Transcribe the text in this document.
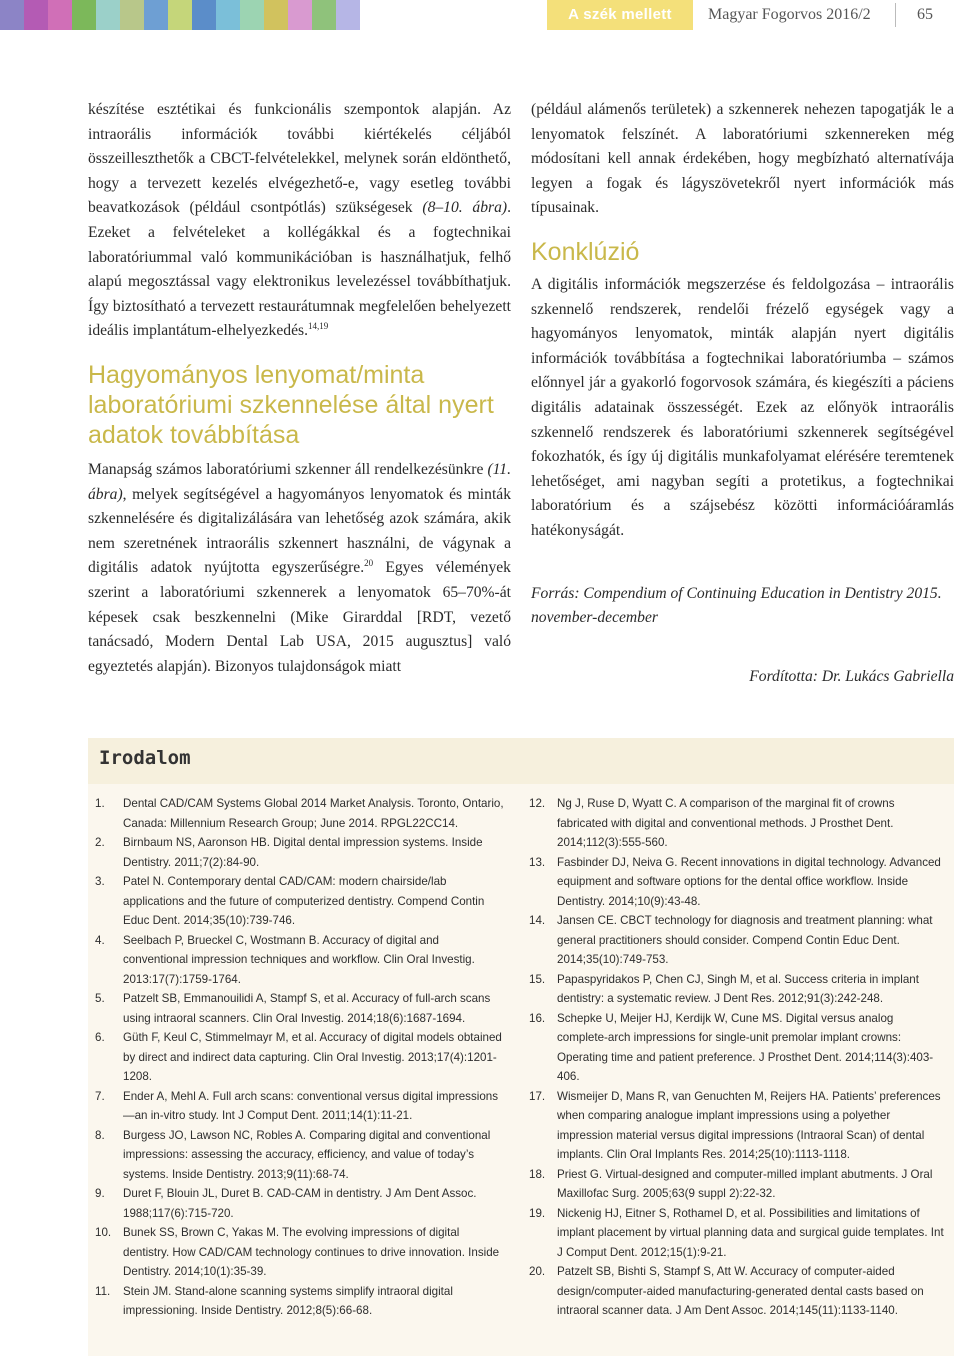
A szék mellett	Magyar Fogorvos 2016/2	65

készítése esztétikai és funkcionális szempontok alapján. Az intraorális információk további kiértékelés céljából összeilleszthetők a CBCT-felvételekkel, melynek során eldönthető, hogy a tervezett kezelés elvégezhető-e, vagy esetleg további beavatkozások (például csontpótlás) szükségesek (8–10. ábra). Ezeket a felvételeket a kollégákkal és a fogtechnikai laboratóriummal való kommunikációban is használhatjuk, felhő alapú megosztással vagy elektronikus levelezéssel továbbíthatjuk. Így biztosítható a tervezett restaurátumnak megfelelően behelyezett ideális implantátum-elhelyezkedés.$^{14,19}$

Hagyományos lenyomat/minta laboratóriumi szkennelése által nyert adatok továbbítása

Manapság számos laboratóriumi szkenner áll rendelkezésünkre (11. ábra), melyek segítségével a hagyományos lenyomatok és minták szkennelésére és digitalizálására van lehetőség azok számára, akik nem szeretnének intraorális szkennert használni, de vágynak a digitális adatok nyújtotta egyszerűségre.$^{20}$ Egyes vélemények szerint a laboratóriumi szkennerek a lenyomatok 65–70%-át képesek csak beszkennelni (Mike Girarddal [RDT, vezető tanácsadó, Modern Dental Lab USA, 2015 augusztus] való egyeztetés alapján). Bizonyos tulajdonságok miatt

(például alámenős területek) a szkennerek nehezen tapogatják le a lenyomatok felszínét. A laboratóriumi szkennereken még módosítani kell annak érdekében, hogy megbízható alternatívája legyen a fogak és lágyszövetekről nyert információk más típusainak.

Konklúzió

A digitális információk megszerzése és feldolgozása – intraorális szkennelő rendszerek, rendelői frézelő egységek vagy a hagyományos lenyomatok, minták alapján nyert digitális információk továbbítása a fogtechnikai laboratóriumba – számos előnnyel jár a gyakorló fogorvosok számára, és kiegészíti a páciens digitális adatainak összességét. Ezek az előnyök intraorális szkennelő rendszerek és laboratóriumi szkennerek segítségével fokozhatók, és így új digitális munkafolyamat elérésére teremtenek lehetőséget, ami nagyban segíti a protetikus, a fogtechnikai laboratórium és a szájsebész közötti információáramlás hatékonyságát.

Forrás: Compendium of Continuing Education in Dentistry 2015. november-december

Fordította: Dr. Lukács Gabriella

Irodalom
1.	Dental CAD/CAM Systems Global 2014 Market Analysis. Toronto, Ontario, Canada: Millennium Research Group; June 2014. RPGL22CC14.
2.	Birnbaum NS, Aaronson HB. Digital dental impression systems. Inside Dentistry. 2011;7(2):84-90.
3.	Patel N. Contemporary dental CAD/CAM: modern chairside/lab applications and the future of computerized dentistry. Compend Contin Educ Dent. 2014;35(10):739-746.
4.	Seelbach P, Brueckel C, Wostmann B. Accuracy of digital and conventional impression techniques and workflow. Clin Oral Investig. 2013:17(7):1759-1764.
5.	Patzelt SB, Emmanouilidi A, Stampf S, et al. Accuracy of full-arch scans using intraoral scanners. Clin Oral Investig. 2014;18(6):1687-1694.
6.	Güth F, Keul C, Stimmelmayr M, et al. Accuracy of digital models obtained by direct and indirect data capturing. Clin Oral Investig. 2013;17(4):1201-1208.
7.	Ender A, Mehl A. Full arch scans: conventional versus digital impressions—an in-vitro study. Int J Comput Dent. 2011;14(1):11-21.
8.	Burgess JO, Lawson NC, Robles A. Comparing digital and conventional impressions: assessing the accuracy, efficiency, and value of today’s systems. Inside Dentistry. 2013;9(11):68-74.
9.	Duret F, Blouin JL, Duret B. CAD-CAM in dentistry. J Am Dent Assoc. 1988;117(6):715-720.
10.	Bunek SS, Brown C, Yakas M. The evolving impressions of digital dentistry. How CAD/CAM technology continues to drive innovation. Inside Dentistry. 2014;10(1):35-39.
11.	Stein JM. Stand-alone scanning systems simplify intraoral digital impressioning. Inside Dentistry. 2012;8(5):66-68.
12.	Ng J, Ruse D, Wyatt C. A comparison of the marginal fit of crowns fabricated with digital and conventional methods. J Prosthet Dent. 2014;112(3):555-560.
13.	Fasbinder DJ, Neiva G. Recent innovations in digital technology. Advanced equipment and software options for the dental office workflow. Inside Dentistry. 2014;10(9):43-48.
14.	Jansen CE. CBCT technology for diagnosis and treatment planning: what general practitioners should consider. Compend Contin Educ Dent. 2014;35(10):749-753.
15.	Papaspyridakos P, Chen CJ, Singh M, et al. Success criteria in implant dentistry: a systematic review. J Dent Res. 2012;91(3):242-248.
16.	Schepke U, Meijer HJ, Kerdijk W, Cune MS. Digital versus analog complete-arch impressions for single-unit premolar implant crowns: Operating time and patient preference. J Prosthet Dent. 2014;114(3):403-406.
17.	Wismeijer D, Mans R, van Genuchten M, Reijers HA. Patients’ preferences when comparing analogue implant impressions using a polyether impression material versus digital impressions (Intraoral Scan) of dental implants. Clin Oral Implants Res. 2014;25(10):1113-1118.
18.	Priest G. Virtual-designed and computer-milled implant abutments. J Oral Maxillofac Surg. 2005;63(9 suppl 2):22-32.
19.	Nickenig HJ, Eitner S, Rothamel D, et al. Possibilities and limitations of implant placement by virtual planning data and surgical guide templates. Int J Comput Dent. 2012;15(1):9-21.
20.	Patzelt SB, Bishti S, Stampf S, Att W. Accuracy of computer-aided design/computer-aided manufacturing-generated dental casts based on intraoral scanner data. J Am Dent Assoc. 2014;145(11):1133-1140.
